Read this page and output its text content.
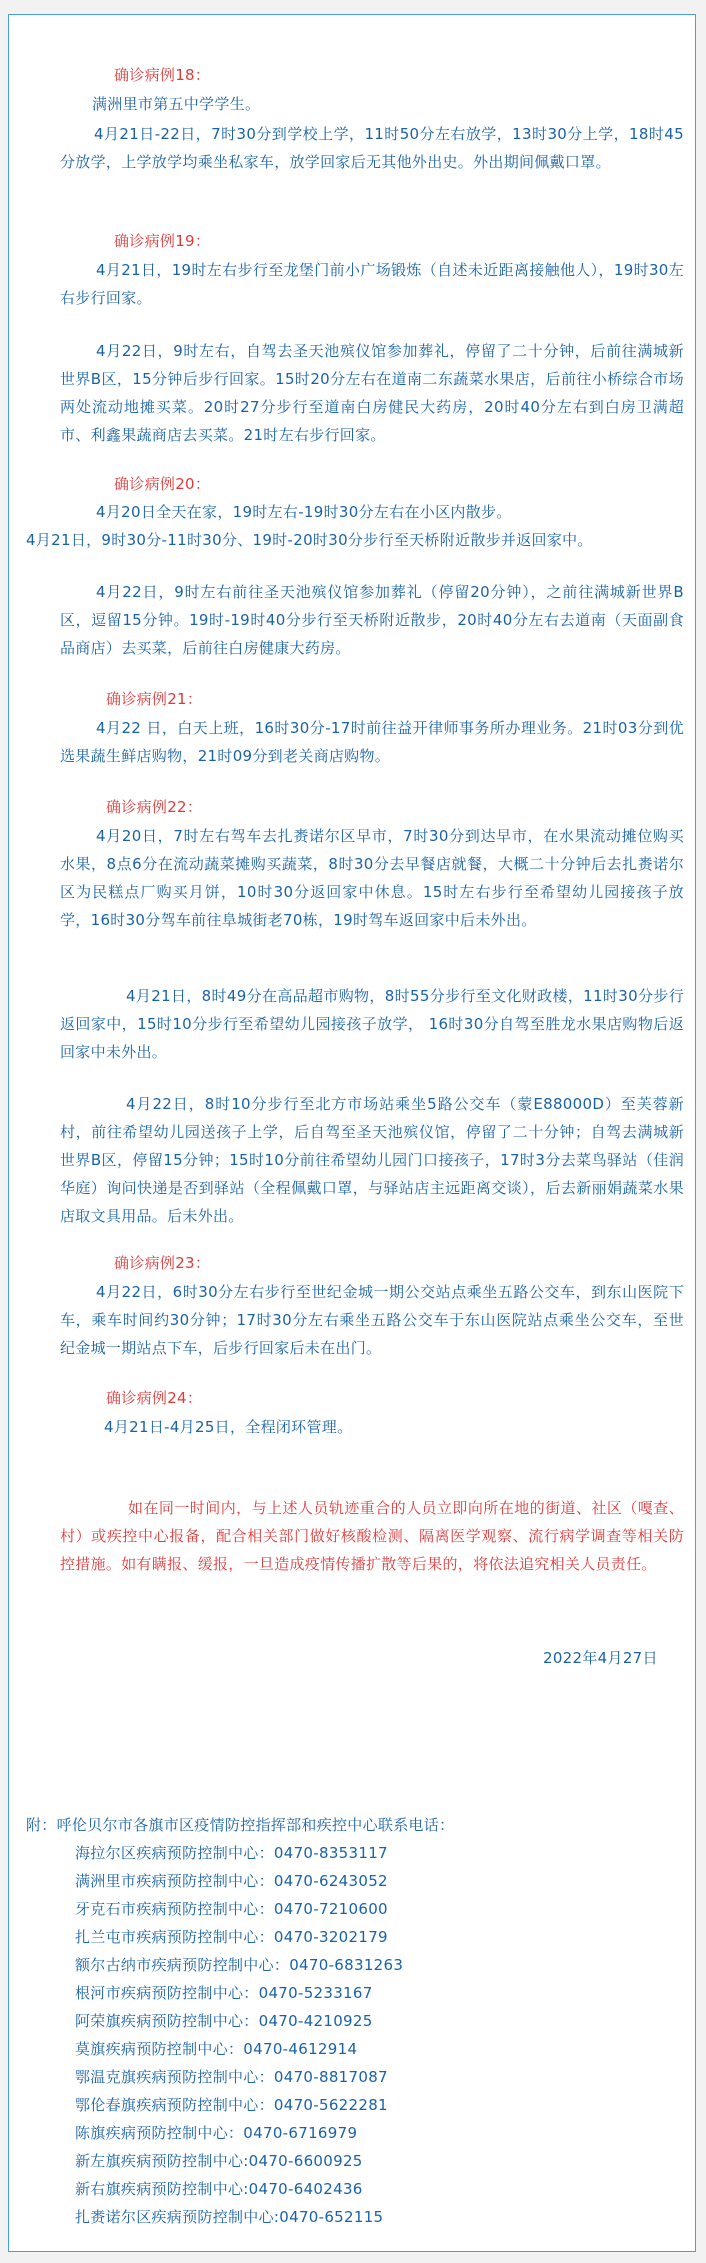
确诊病例18：

满洲里市第五中学学生。

4月21日-22日，7时30分到学校上学，11时50分左右放学，13时30分上学，18时45分放学，上学放学均乘坐私家车，放学回家后无其他外出史。外出期间佩戴口罩。

确诊病例19：

4月21日，19时左右步行至龙堡门前小广场锻炼（自述未近距离接触他人），19时30左右步行回家。

4月22日，9时左右，自驾去圣天池殡仪馆参加葬礼，停留了二十分钟，后前往满城新世界B区，15分钟后步行回家。15时20分左右在道南二东蔬菜水果店，后前往小桥综合市场两处流动地摊买菜。20时27分步行至道南白房健民大药房，20时40分左右到白房卫满超市、利鑫果蔬商店去买菜。21时左右步行回家。

确诊病例20：

4月20日全天在家，19时左右-19时30分左右在小区内散步。

4月21日，9时30分-11时30分、19时-20时30分步行至天桥附近散步并返回家中。

4月22日，9时左右前往圣天池殡仪馆参加葬礼（停留20分钟），之前往满城新世界B区，逗留15分钟。19时-19时40分步行至天桥附近散步，20时40分左右去道南（天面副食品商店）去买菜，后前往白房健康大药房。

确诊病例21：

4月22 日，白天上班，16时30分-17时前往益开律师事务所办理业务。21时03分到优选果蔬生鲜店购物，21时09分到老关商店购物。

确诊病例22：

4月20日，7时左右驾车去扎赉诺尔区早市，7时30分到达早市，在水果流动摊位购买水果，8点6分在流动蔬菜摊购买蔬菜，8时30分去早餐店就餐，大概二十分钟后去扎赉诺尔区为民糕点厂购买月饼，10时30分返回家中休息。15时左右步行至希望幼儿园接孩子放学，16时30分驾车前往阜城街老70栋，19时驾车返回家中后未外出。

4月21日，8时49分在高品超市购物，8时55分步行至文化财政楼，11时30分步行返回家中，15时10分步行至希望幼儿园接孩子放学， 16时30分自驾至胜龙水果店购物后返回家中未外出。

4月22日，8时10分步行至北方市场站乘坐5路公交车（蒙E88000D）至芙蓉新村，前往希望幼儿园送孩子上学，后自驾至圣天池殡仪馆，停留了二十分钟；自驾去满城新世界B区，停留15分钟；15时10分前往希望幼儿园门口接孩子，17时3分去菜鸟驿站（佳润华庭）询问快递是否到驿站（全程佩戴口罩，与驿站店主远距离交谈），后去新丽娟蔬菜水果店取文具用品。后未外出。

确诊病例23：

4月22日，6时30分左右步行至世纪金城一期公交站点乘坐五路公交车，到东山医院下车，乘车时间约30分钟；17时30分左右乘坐五路公交车于东山医院站点乘坐公交车，至世纪金城一期站点下车，后步行回家后未在出门。

确诊病例24：

4月21日-4月25日，全程闭环管理。

如在同一时间内，与上述人员轨迹重合的人员立即向所在地的街道、社区（嘎查、村）或疾控中心报备，配合相关部门做好核酸检测、隔离医学观察、流行病学调查等相关防控措施。如有瞒报、缓报，一旦造成疫情传播扩散等后果的，将依法追究相关人员责任。

2022年4月27日

附：呼伦贝尔市各旗市区疫情防控指挥部和疾控中心联系电话：

海拉尔区疾病预防控制中心：0470-8353117
满洲里市疾病预防控制中心：0470-6243052
牙克石市疾病预防控制中心：0470-7210600
扎兰屯市疾病预防控制中心：0470-3202179
额尔古纳市疾病预防控制中心：0470-6831263
根河市疾病预防控制中心：0470-5233167
阿荣旗疾病预防控制中心：0470-4210925
莫旗疾病预防控制中心：0470-4612914
鄂温克旗疾病预防控制中心：0470-8817087
鄂伦春旗疾病预防控制中心：0470-5622281
陈旗疾病预防控制中心：0470-6716979
新左旗疾病预防控制中心:0470-6600925
新右旗疾病预防控制中心:0470-6402436
扎赉诺尔区疾病预防控制中心:0470-652115
